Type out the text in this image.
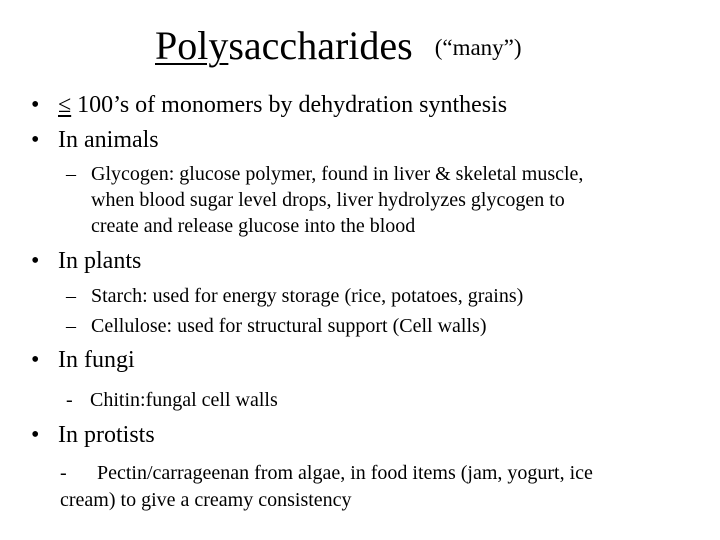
Polysaccharides (“many”)
• ≤ 100’s of monomers by dehydration synthesis
• In animals
– Glycogen: glucose polymer, found in liver & skeletal muscle,
when blood sugar level drops, liver hydrolyzes glycogen to
create and release glucose into the blood
• In plants
– Starch: used for energy storage (rice, potatoes, grains)
– Cellulose: used for structural support (Cell walls)
• In fungi
- Chitin:fungal cell walls
• In protists
- Pectin/carrageenan from algae, in food items (jam, yogurt, ice
cream) to give a creamy consistency
